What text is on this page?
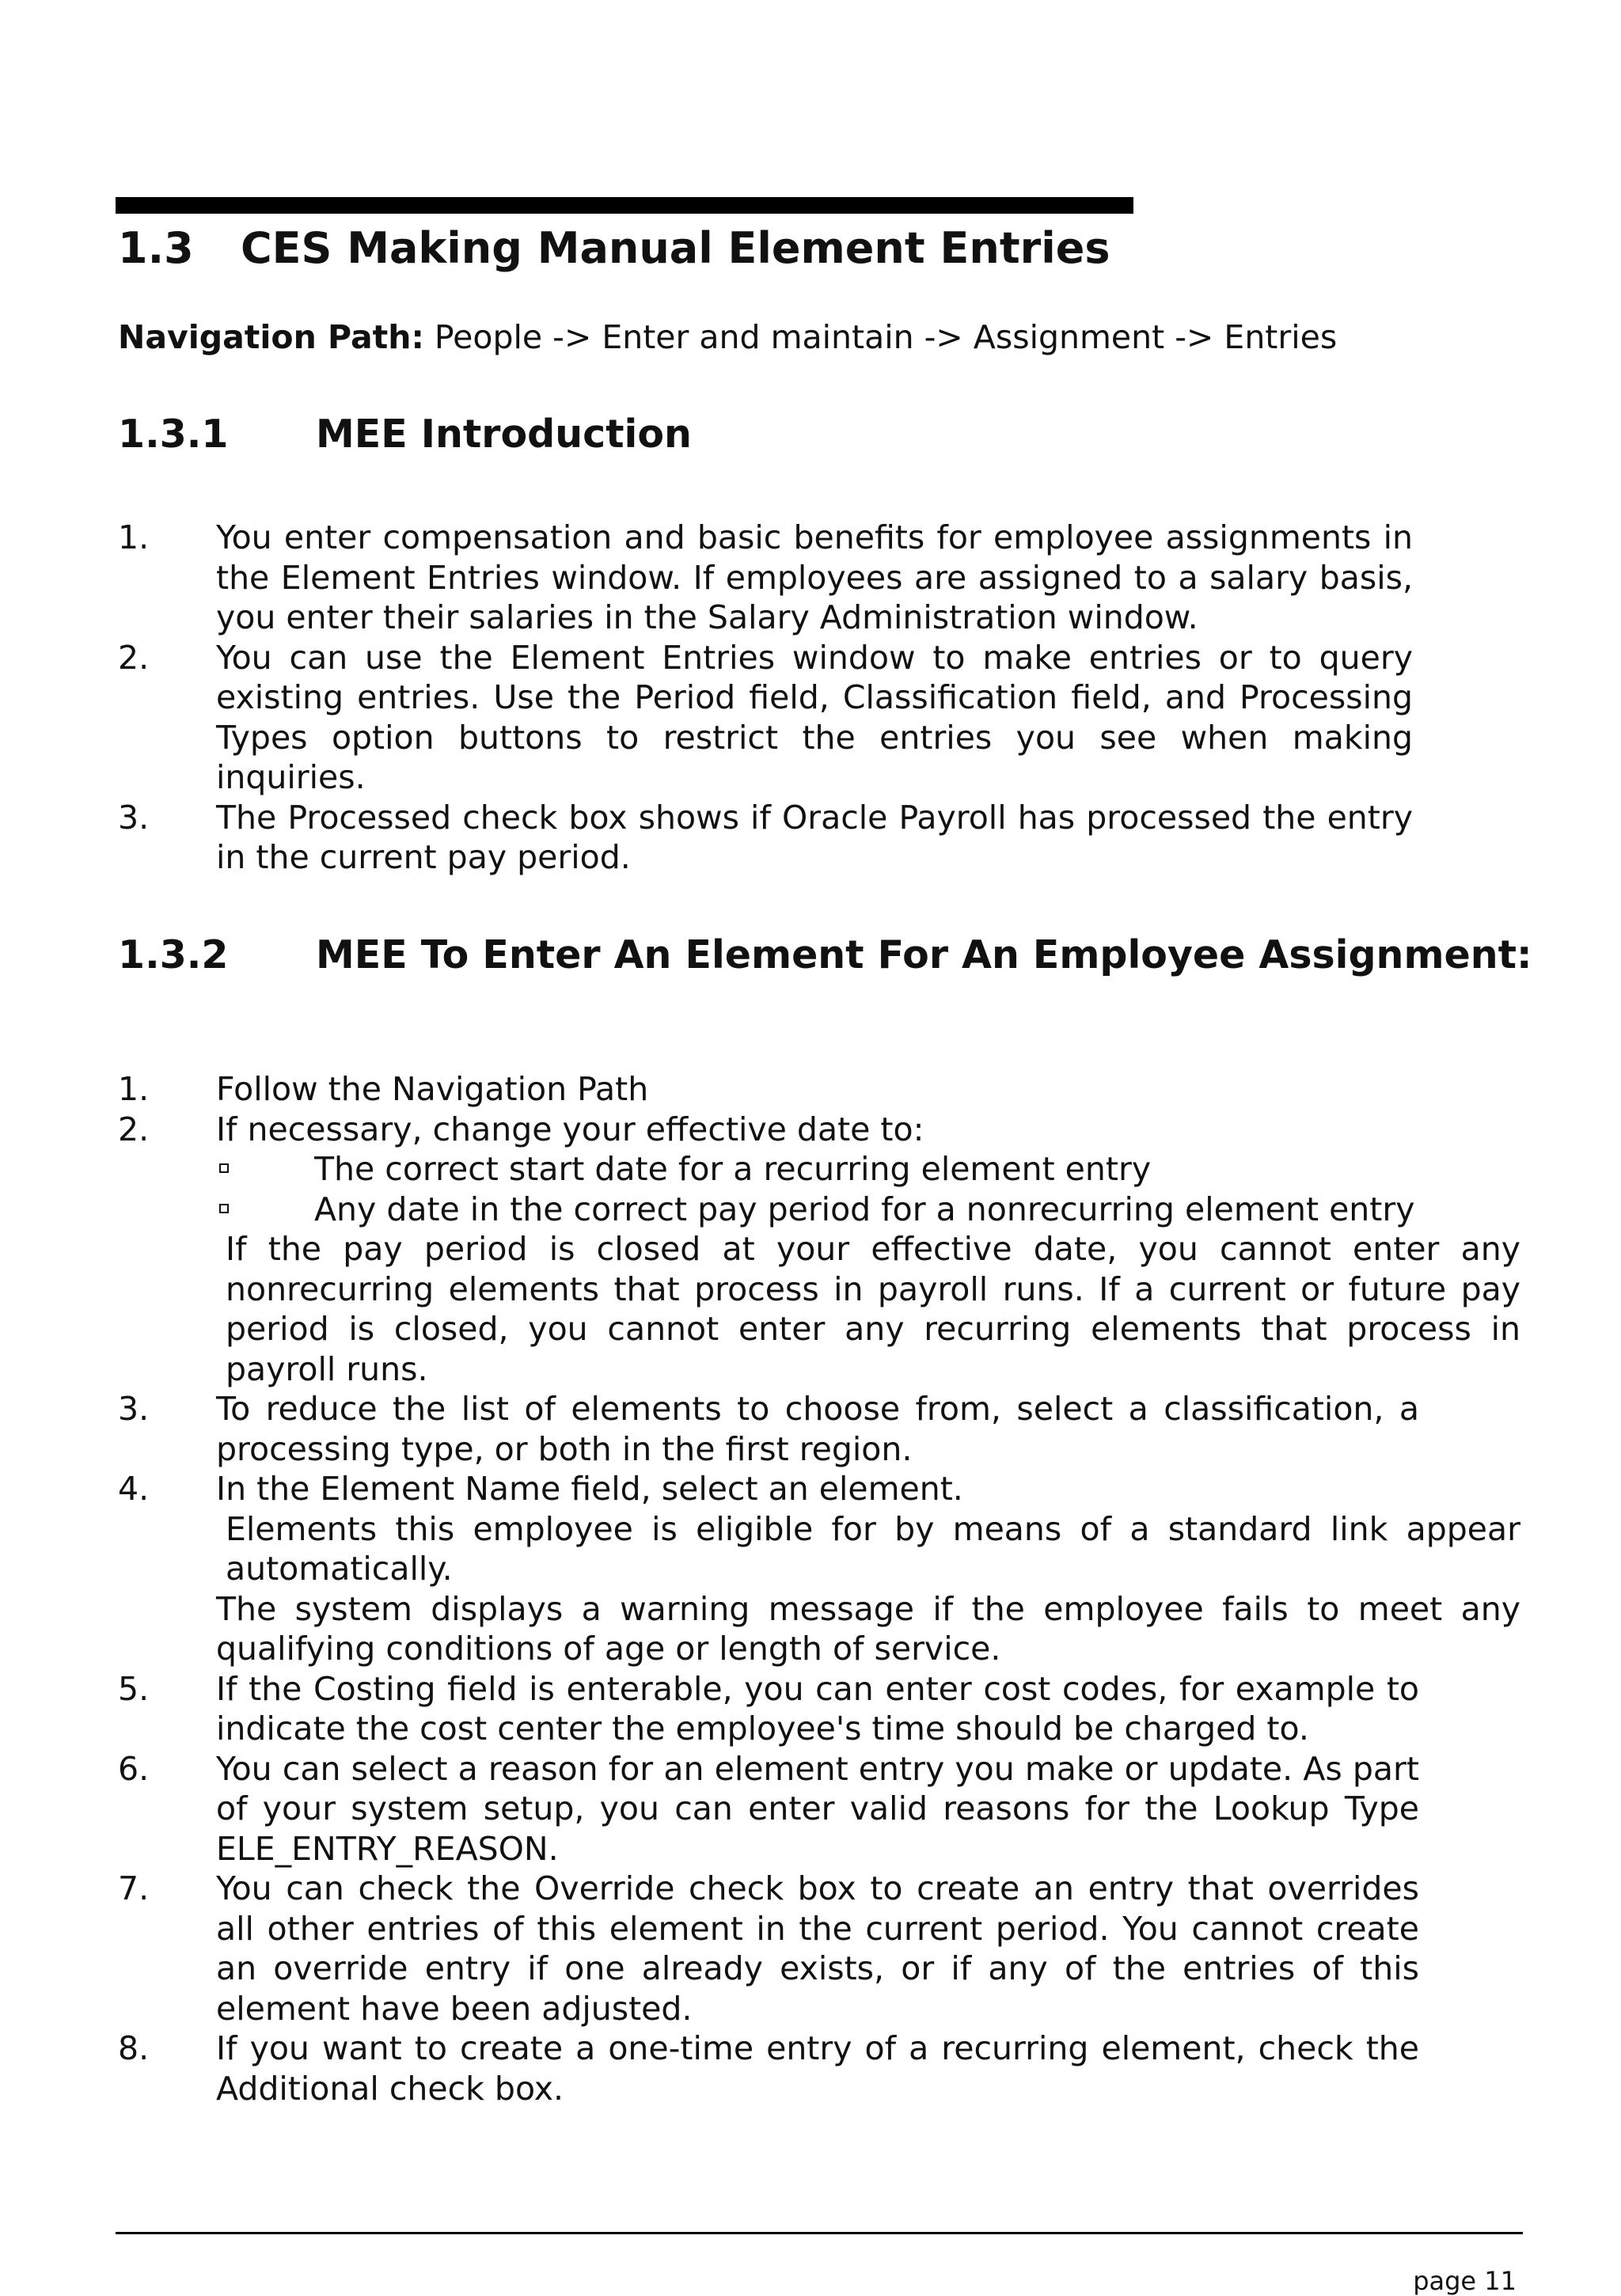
1.3 CES Making Manual Element Entries
Navigation Path: People -> Enter and maintain -> Assignment -> Entries
1.3.1 MEE Introduction
1. You enter compensation and basic benefits for employee assignments in the Element Entries window. If employees are assigned to a salary basis, you enter their salaries in the Salary Administration window.
2. You can use the Element Entries window to make entries or to query existing entries. Use the Period field, Classification field, and Processing Types option buttons to restrict the entries you see when making inquiries.
3. The Processed check box shows if Oracle Payroll has processed the entry in the current pay period.
1.3.2 MEE To Enter An Element For An Employee Assignment:
1. Follow the Navigation Path
2. If necessary, change your effective date to:
The correct start date for a recurring element entry
Any date in the correct pay period for a nonrecurring element entry
If the pay period is closed at your effective date, you cannot enter any nonrecurring elements that process in payroll runs. If a current or future pay period is closed, you cannot enter any recurring elements that process in payroll runs.
3. To reduce the list of elements to choose from, select a classification, a processing type, or both in the first region.
4. In the Element Name field, select an element.
Elements this employee is eligible for by means of a standard link appear automatically.
The system displays a warning message if the employee fails to meet any qualifying conditions of age or length of service.
5. If the Costing field is enterable, you can enter cost codes, for example to indicate the cost center the employee's time should be charged to.
6. You can select a reason for an element entry you make or update. As part of your system setup, you can enter valid reasons for the Lookup Type ELE_ENTRY_REASON.
7. You can check the Override check box to create an entry that overrides all other entries of this element in the current period. You cannot create an override entry if one already exists, or if any of the entries of this element have been adjusted.
8. If you want to create a one-time entry of a recurring element, check the Additional check box.
page 11
